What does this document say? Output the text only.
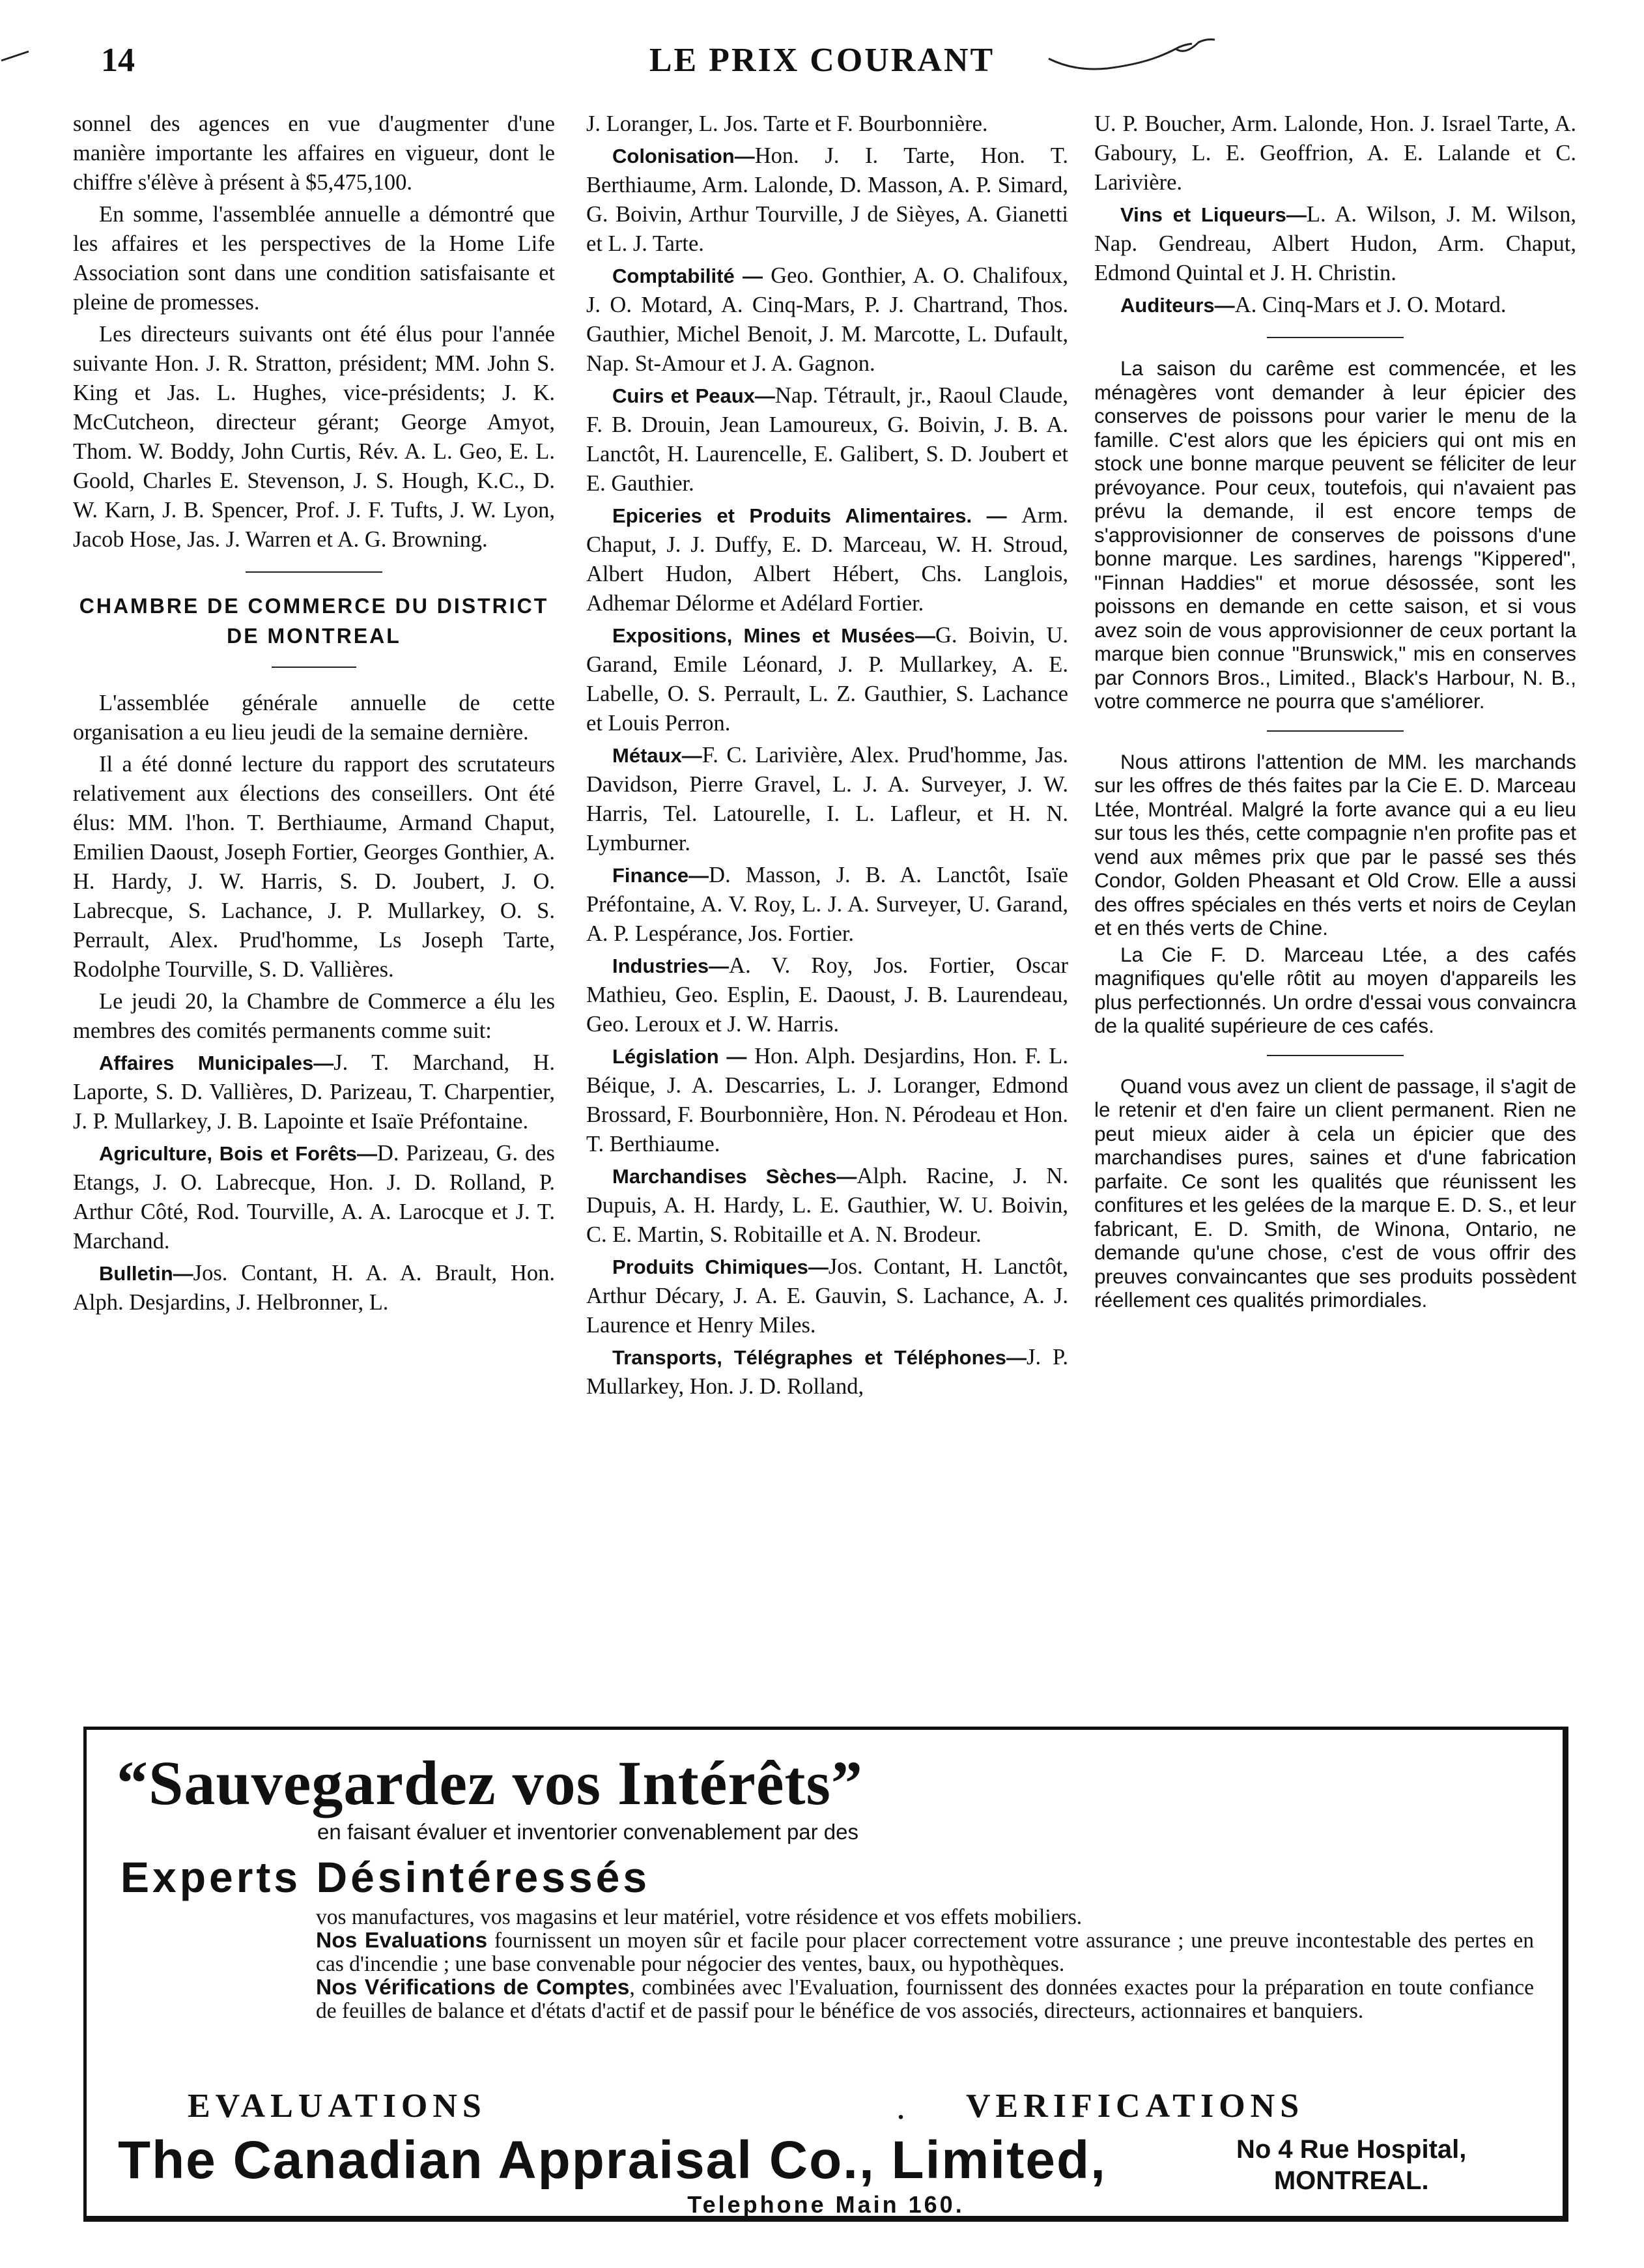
14	LE PRIX COURANT

sonnel des agences en vue d'augmenter d'une manière importante les affaires en vigueur, dont le chiffre s'élève à présent à $5,475,100.

En somme, l'assemblée annuelle a démontré que les affaires et les perspectives de la Home Life Association sont dans une condition satisfaisante et pleine de promesses.

Les directeurs suivants ont été élus pour l'année suivante Hon. J. R. Stratton, président; MM. John S. King et Jas. L. Hughes, vice-présidents; J. K. McCutcheon, directeur gérant; George Amyot, Thom. W. Boddy, John Curtis, Rév. A. L. Geo, E. L. Goold, Charles E. Stevenson, J. S. Hough, K.C., D. W. Karn, J. B. Spencer, Prof. J. F. Tufts, J. W. Lyon, Jacob Hose, Jas. J. Warren et A. G. Browning.

CHAMBRE DE COMMERCE DU DISTRICT DE MONTREAL

L'assemblée générale annuelle de cette organisation a eu lieu jeudi de la semaine dernière.

Il a été donné lecture du rapport des scrutateurs relativement aux élections des conseillers. Ont été élus: MM. l'hon. T. Berthiaume, Armand Chaput, Emilien Daoust, Joseph Fortier, Georges Gonthier, A. H. Hardy, J. W. Harris, S. D. Joubert, J. O. Labrecque, S. Lachance, J. P. Mullarkey, O. S. Perrault, Alex. Prud'homme, Ls Joseph Tarte, Rodolphe Tourville, S. D. Vallières.

Le jeudi 20, la Chambre de Commerce a élu les membres des comités permanents comme suit:

Affaires Municipales—J. T. Marchand, H. Laporte, S. D. Vallières, D. Parizeau, T. Charpentier, J. P. Mullarkey, J. B. Lapointe et Isaïe Préfontaine.

Agriculture, Bois et Forêts—D. Parizeau, G. des Etangs, J. O. Labrecque, Hon. J. D. Rolland, P. Arthur Côté, Rod. Tourville, A. A. Larocque et J. T. Marchand.

Bulletin—Jos. Contant, H. A. A. Brault, Hon. Alph. Desjardins, J. Helbronner, L.

J. Loranger, L. Jos. Tarte et F. Bourbonnière.

Colonisation—Hon. J. I. Tarte, Hon. T. Berthiaume, Arm. Lalonde, D. Masson, A. P. Simard, G. Boivin, Arthur Tourville, J de Sièyes, A. Gianetti et L. J. Tarte.

Comptabilité — Geo. Gonthier, A. O. Chalifoux, J. O. Motard, A. Cinq-Mars, P. J. Chartrand, Thos. Gauthier, Michel Benoit, J. M. Marcotte, L. Dufault, Nap. St-Amour et J. A. Gagnon.

Cuirs et Peaux—Nap. Tétrault, jr., Raoul Claude, F. B. Drouin, Jean Lamoureux, G. Boivin, J. B. A. Lanctôt, H. Laurencelle, E. Galibert, S. D. Joubert et E. Gauthier.

Epiceries et Produits Alimentaires. — Arm. Chaput, J. J. Duffy, E. D. Marceau, W. H. Stroud, Albert Hudon, Albert Hébert, Chs. Langlois, Adhemar Délorme et Adélard Fortier.

Expositions, Mines et Musées—G. Boivin, U. Garand, Emile Léonard, J. P. Mullarkey, A. E. Labelle, O. S. Perrault, L. Z. Gauthier, S. Lachance et Louis Perron.

Métaux—F. C. Larivière, Alex. Prud'homme, Jas. Davidson, Pierre Gravel, L. J. A. Surveyer, J. W. Harris, Tel. Latourelle, I. L. Lafleur, et H. N. Lymburner.

Finance—D. Masson, J. B. A. Lanctôt, Isaïe Préfontaine, A. V. Roy, L. J. A. Surveyer, U. Garand, A. P. Lespérance, Jos. Fortier.

Industries—A. V. Roy, Jos. Fortier, Oscar Mathieu, Geo. Esplin, E. Daoust, J. B. Laurendeau, Geo. Leroux et J. W. Harris.

Législation — Hon. Alph. Desjardins, Hon. F. L. Béique, J. A. Descarries, L. J. Loranger, Edmond Brossard, F. Bourbonnière, Hon. N. Pérodeau et Hon. T. Berthiaume.

Marchandises Sèches—Alph. Racine, J. N. Dupuis, A. H. Hardy, L. E. Gauthier, W. U. Boivin, C. E. Martin, S. Robitaille et A. N. Brodeur.

Produits Chimiques—Jos. Contant, H. Lanctôt, Arthur Décary, J. A. E. Gauvin, S. Lachance, A. J. Laurence et Henry Miles.

Transports, Télégraphes et Téléphones—J. P. Mullarkey, Hon. J. D. Rolland,

U. P. Boucher, Arm. Lalonde, Hon. J. Israel Tarte, A. Gaboury, L. E. Geoffrion, A. E. Lalande et C. Larivière.

Vins et Liqueurs—L. A. Wilson, J. M. Wilson, Nap. Gendreau, Albert Hudon, Arm. Chaput, Edmond Quintal et J. H. Christin.

Auditeurs—A. Cinq-Mars et J. O. Motard.

La saison du carême est commencée, et les ménagères vont demander à leur épicier des conserves de poissons pour varier le menu de la famille. C'est alors que les épiciers qui ont mis en stock une bonne marque peuvent se féliciter de leur prévoyance. Pour ceux, toutefois, qui n'avaient pas prévu la demande, il est encore temps de s'approvisionner de conserves de poissons d'une bonne marque. Les sardines, harengs "Kippered", "Finnan Haddies" et morue désossée, sont les poissons en demande en cette saison, et si vous avez soin de vous approvisionner de ceux portant la marque bien connue "Brunswick," mis en conserves par Connors Bros., Limited., Black's Harbour, N. B., votre commerce ne pourra que s'améliorer.

Nous attirons l'attention de MM. les marchands sur les offres de thés faites par la Cie E. D. Marceau Ltée, Montréal. Malgré la forte avance qui a eu lieu sur tous les thés, cette compagnie n'en profite pas et vend aux mêmes prix que par le passé ses thés Condor, Golden Pheasant et Old Crow. Elle a aussi des offres spéciales en thés verts et noirs de Ceylan et en thés verts de Chine.

La Cie F. D. Marceau Ltée, a des cafés magnifiques qu'elle rôtit au moyen d'appareils les plus perfectionnés. Un ordre d'essai vous convaincra de la qualité supérieure de ces cafés.

Quand vous avez un client de passage, il s'agit de le retenir et d'en faire un client permanent. Rien ne peut mieux aider à cela un épicier que des marchandises pures, saines et d'une fabrication parfaite. Ce sont les qualités que réunissent les confitures et les gelées de la marque E. D. S., et leur fabricant, E. D. Smith, de Winona, Ontario, ne demande qu'une chose, c'est de vous offrir des preuves convaincantes que ses produits possèdent réellement ces qualités primordiales.

“Sauvegardez vos Intérêts”
en faisant évaluer et inventorier convenablement par des
Experts Désintéressés

vos manufactures, vos magasins et leur matériel, votre résidence et vos effets mobiliers.

Nos Evaluations fournissent un moyen sûr et facile pour placer correctement votre assurance ; une preuve incontestable des pertes en cas d'incendie ; une base convenable pour négocier des ventes, baux, ou hypothèques.

Nos Vérifications de Comptes, combinées avec l'Evaluation, fournissent des données exactes pour la préparation en toute confiance de feuilles de balance et d'états d'actif et de passif pour le bénéfice de vos associés, directeurs, actionnaires et banquiers.

EVALUATIONS	. VERIFICATIONS
The Canadian Appraisal Co., Limited,	No 4 Rue Hospital,
MONTREAL.
Telephone Main 160.
